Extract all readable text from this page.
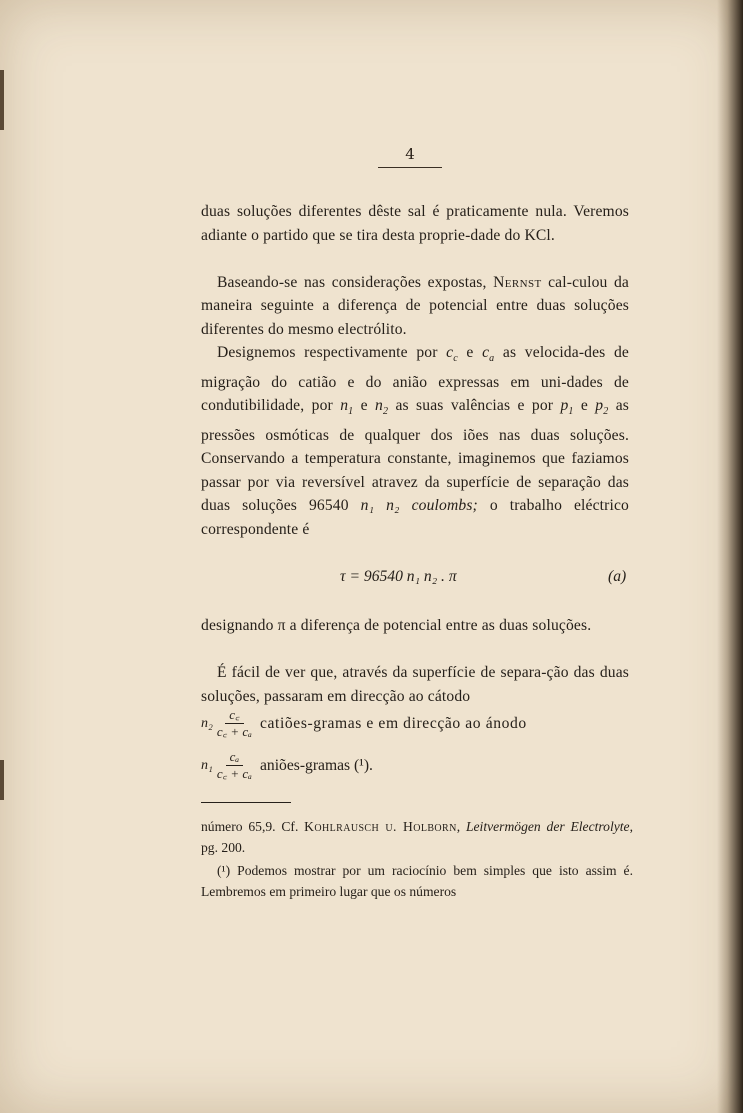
4

duas soluções diferentes dêste sal é praticamente nula. Veremos adiante o partido que se tira desta proprie-dade do KCl.

Baseando-se nas considerações expostas, Nernst cal-culou da maneira seguinte a diferença de potencial entre duas soluções diferentes do mesmo electrólito.

Designemos respectivamente por $c_c$ e $c_a$ as velocida-des de migração do catião e do anião expressas em uni-dades de condutibilidade, por $n_1$ e $n_2$ as suas valências e por $p_1$ e $p_2$ as pressões osmóticas de qualquer dos iões nas duas soluções. Conservando a temperatura constante, imaginemos que faziamos passar por via reversível atravez da superfície de separação das duas soluções 96540 n₁ n₂ coulombs; o trabalho eléctrico correspondente é

τ = 96540 n₁ n₂ . π	(a)

designando π a diferença de potencial entre as duas soluções.

É fácil de ver que, através da superfície de separa-ção das duas soluções, passaram em direcção ao cátodo

$n_2 \frac{c꜀}{\text{c꜀ + cₐ}}$ catiões-gramas e em direcção ao ánodo
$n_1 \frac{\text{cₐ}}{\text{c꜀ + cₐ}}$ aniões-gramas (¹).

número 65,9. Cf. Kohlrausch u. Holborn, Leitvermögen der Electrolyte, pg. 200.

(¹) Podemos mostrar por um raciocínio bem simples que isto assim é. Lembremos em primeiro lugar que os números
